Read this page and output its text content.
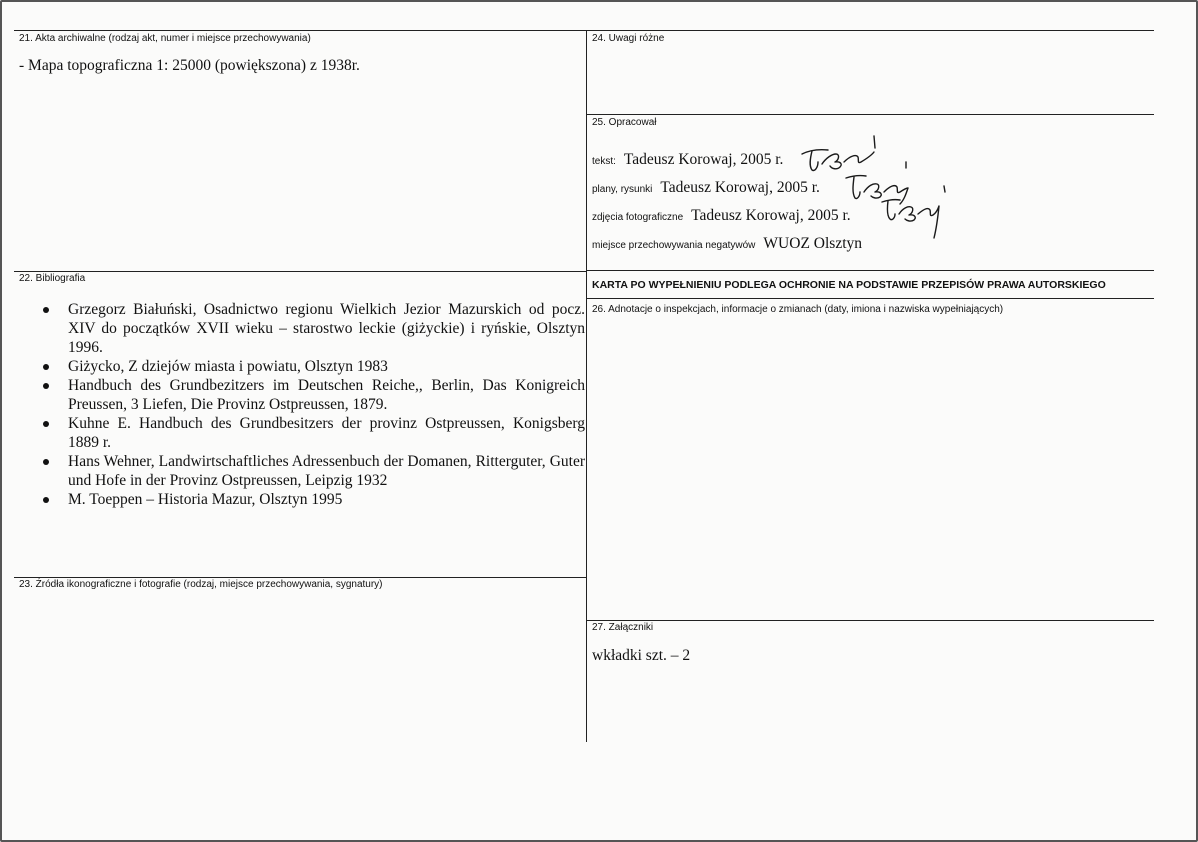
21. Akta archiwalne (rodzaj akt, numer i miejsce przechowywania)
- Mapa topograficzna 1: 25000 (powiększona) z 1938r.
22. Bibliografia
Grzegorz Białuński, Osadnictwo regionu Wielkich Jezior Mazurskich od pocz. XIV do początków XVII wieku – starostwo leckie (giżyckie) i ryńskie, Olsztyn 1996.
Giżycko, Z dziejów miasta i powiatu, Olsztyn 1983
Handbuch des Grundbezitzers im Deutschen Reiche,, Berlin, Das Konigreich Preussen, 3 Liefen, Die Provinz Ostpreussen, 1879.
Kuhne E. Handbuch des Grundbesitzers der provinz Ostpreussen, Konigsberg 1889 r.
Hans Wehner, Landwirtschaftliches Adressenbuch der Domanen, Ritterguter, Guter und Hofe in der Provinz Ostpreussen, Leipzig 1932
M. Toeppen – Historia Mazur, Olsztyn 1995
23. Źródła ikonograficzne i fotografie (rodzaj, miejsce przechowywania, sygnatury)
24. Uwagi różne
25. Opracował
tekst: Tadeusz Korowaj, 2005 r.
plany, rysunki Tadeusz Korowaj, 2005 r.
zdjęcia fotograficzne Tadeusz Korowaj, 2005 r.
miejsce przechowywania negatywów WUOZ Olsztyn
KARTA PO WYPEŁNIENIU PODLEGA OCHRONIE NA PODSTAWIE PRZEPISÓW PRAWA AUTORSKIEGO
26. Adnotacje o inspekcjach, informacje o zmianach (daty, imiona i nazwiska wypełniających)
27. Załączniki
wkładki szt. – 2
